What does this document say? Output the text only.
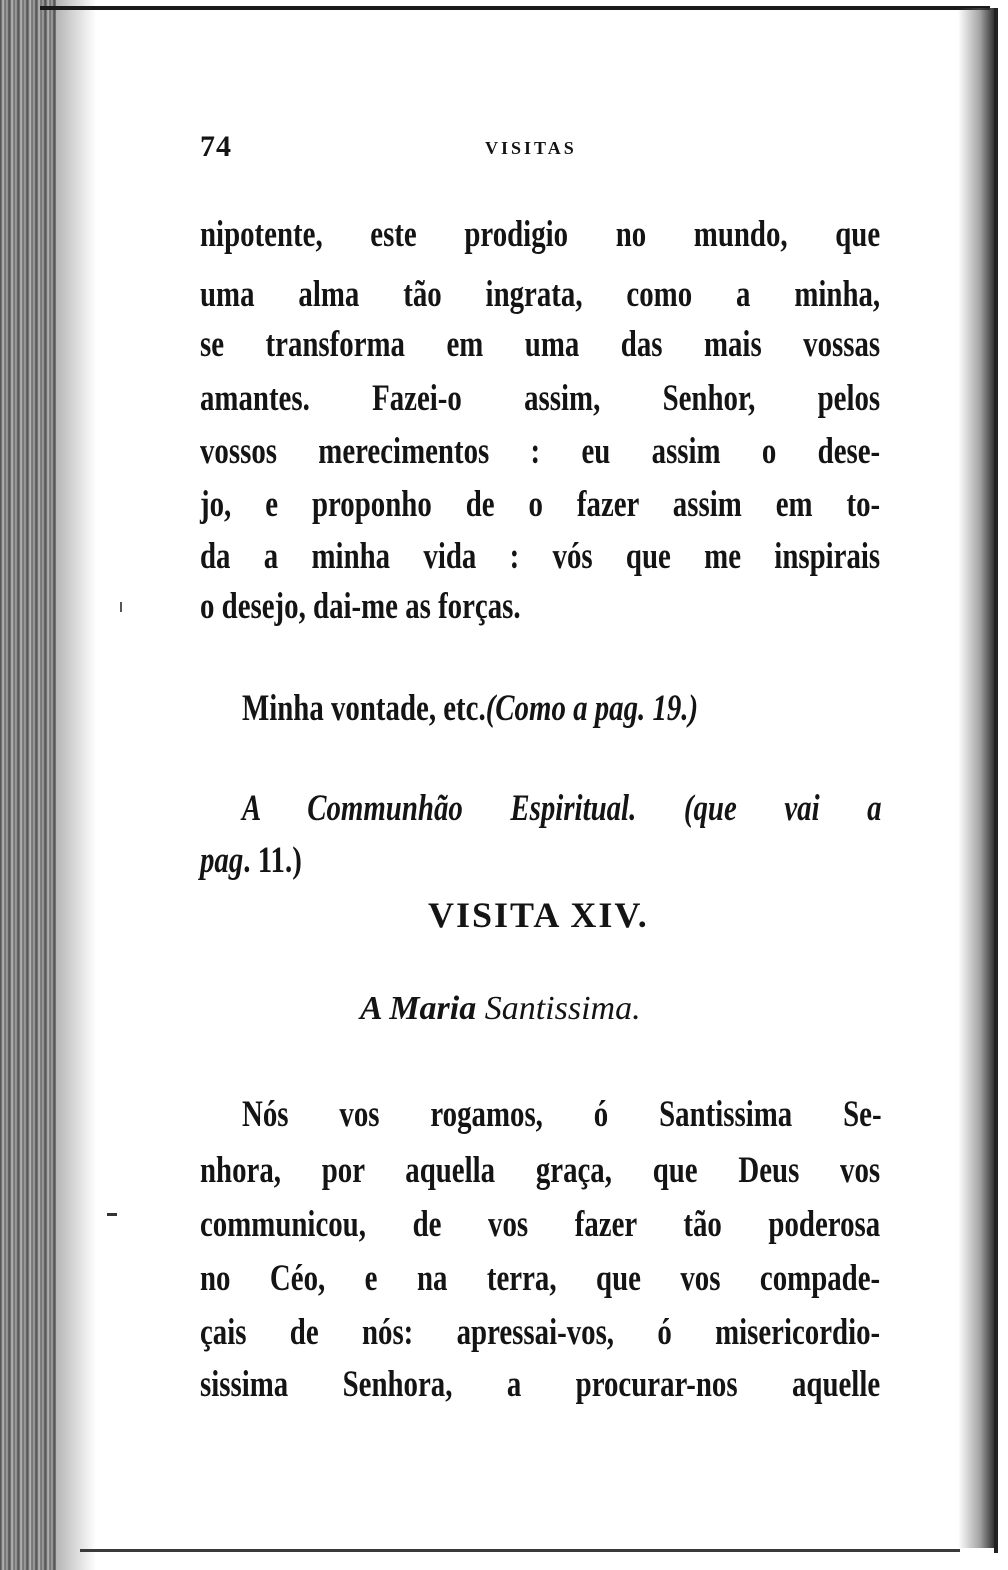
74	VISITAS
nipotente, este prodigio no mundo, que
uma alma tão ingrata, como a minha,
se transforma em uma das mais vossas
amantes. Fazei-o assim, Senhor, pelos
vossos merecimentos : eu assim o dese-
jo, e proponho de o fazer assim em to-
da a minha vida : vós que me inspirais
o desejo, dai-me as forças.
Minha vontade, etc.(Como a pag. 19.)
A Communhão Espiritual. (que vai a
pag. 11.)
VISITA XIV.
A Maria Santissima.
Nós vos rogamos, ó Santissima Se-
nhora, por aquella graça, que Deus vos
communicou, de vos fazer tão poderosa
no Céo, e na terra, que vos compade-
çais de nós: apressai-vos, ó misericordio-
sissima Senhora, a procurar-nos aquelle
